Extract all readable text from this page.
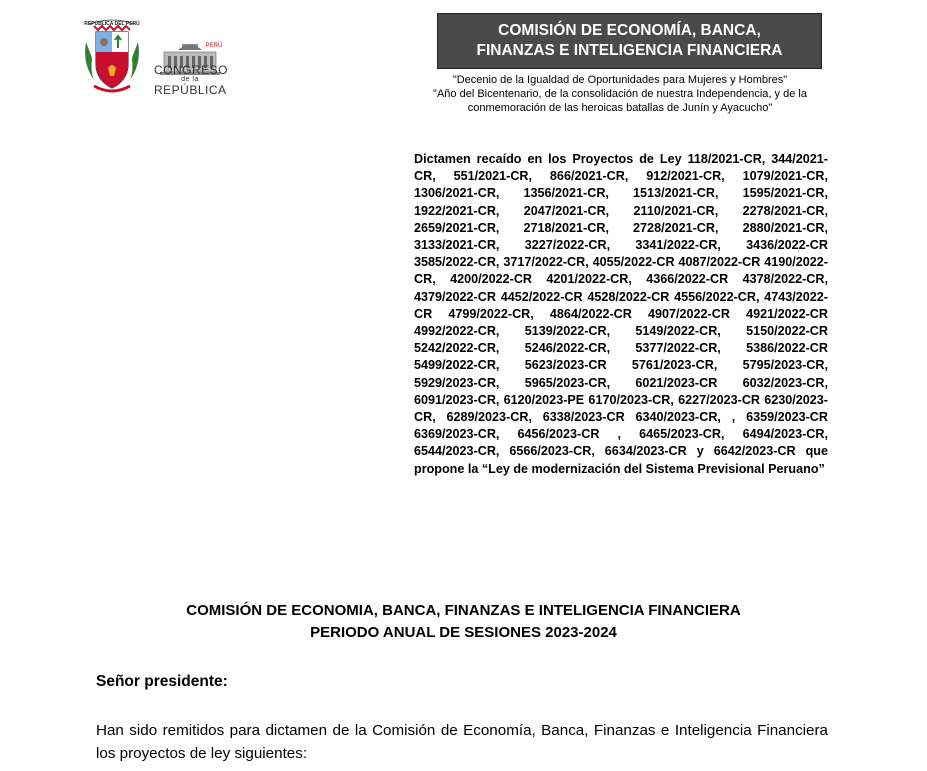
REPÚBLICA DEL PERÚ
PERÚ
CONGRESO
de la
REPÚBLICA
COMISIÓN DE ECONOMÍA, BANCA,
FINANZAS E INTELIGENCIA FINANCIERA
"Decenio de la Igualdad de Oportunidades para Mujeres y Hombres"
"Año del Bicentenario, de la consolidación de nuestra Independencia, y de la
conmemoración de las heroicas batallas de Junín y Ayacucho"
Dictamen recaído en los Proyectos de Ley 118/2021-CR, 344/2021-CR, 551/2021-CR, 866/2021-CR, 912/2021-CR, 1079/2021-CR, 1306/2021-CR, 1356/2021-CR, 1513/2021-CR, 1595/2021-CR, 1922/2021-CR, 2047/2021-CR, 2110/2021-CR, 2278/2021-CR, 2659/2021-CR, 2718/2021-CR, 2728/2021-CR, 2880/2021-CR, 3133/2021-CR, 3227/2022-CR, 3341/2022-CR, 3436/2022-CR 3585/2022-CR, 3717/2022-CR, 4055/2022-CR 4087/2022-CR 4190/2022-CR, 4200/2022-CR 4201/2022-CR, 4366/2022-CR 4378/2022-CR, 4379/2022-CR 4452/2022-CR 4528/2022-CR 4556/2022-CR, 4743/2022-CR 4799/2022-CR, 4864/2022-CR 4907/2022-CR 4921/2022-CR 4992/2022-CR, 5139/2022-CR, 5149/2022-CR, 5150/2022-CR 5242/2022-CR, 5246/2022-CR, 5377/2022-CR, 5386/2022-CR 5499/2022-CR, 5623/2023-CR 5761/2023-CR, 5795/2023-CR, 5929/2023-CR, 5965/2023-CR, 6021/2023-CR 6032/2023-CR, 6091/2023-CR, 6120/2023-PE 6170/2023-CR, 6227/2023-CR 6230/2023-CR, 6289/2023-CR, 6338/2023-CR 6340/2023-CR, , 6359/2023-CR 6369/2023-CR, 6456/2023-CR , 6465/2023-CR, 6494/2023-CR, 6544/2023-CR, 6566/2023-CR, 6634/2023-CR y 6642/2023-CR que propone la “Ley de modernización del Sistema Previsional Peruano”
COMISIÓN DE ECONOMIA, BANCA, FINANZAS E INTELIGENCIA FINANCIERA
PERIODO ANUAL DE SESIONES 2023-2024
Señor presidente:
Han sido remitidos para dictamen de la Comisión de Economía, Banca, Finanzas e Inteligencia Financiera los proyectos de ley siguientes:
